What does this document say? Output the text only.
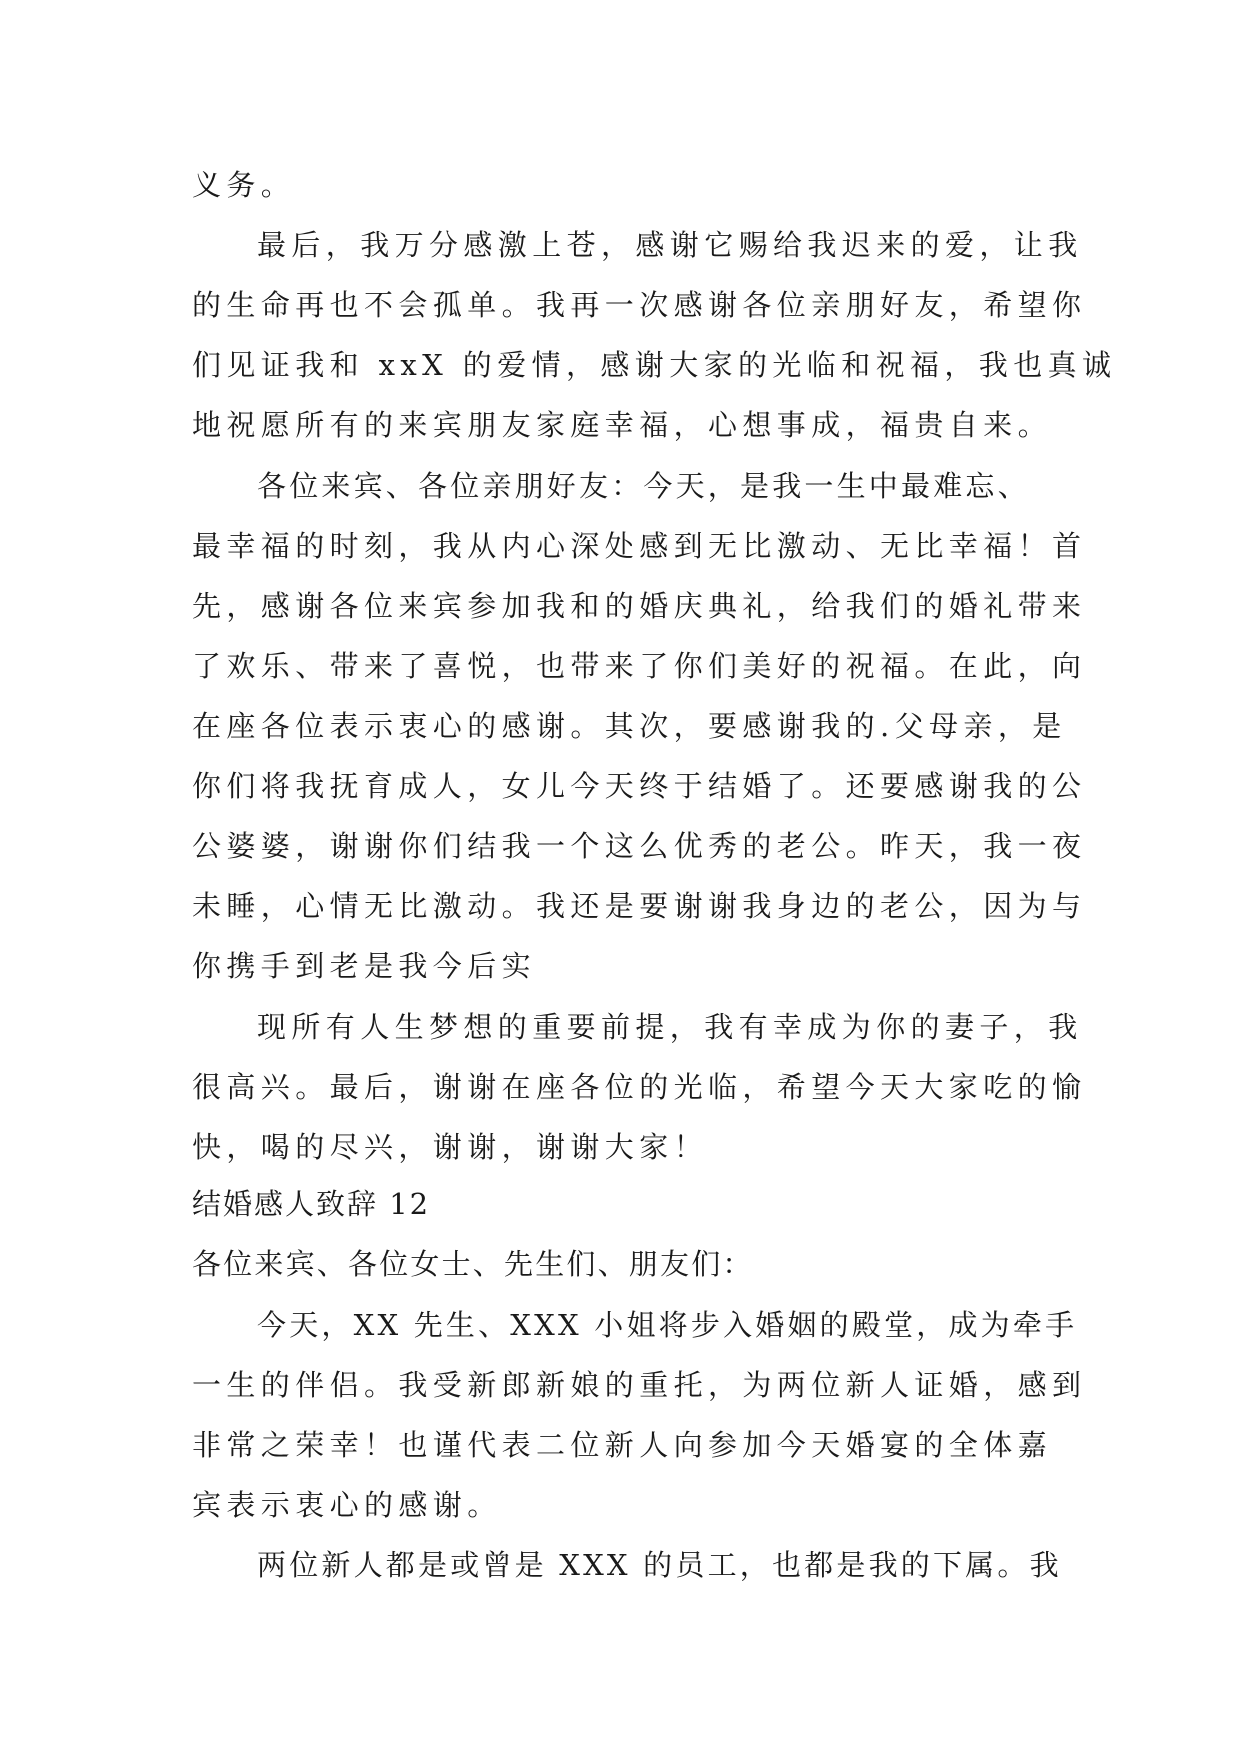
义务。
最后，我万分感激上苍，感谢它赐给我迟来的爱，让我
的生命再也不会孤单。我再一次感谢各位亲朋好友，希望你
们见证我和 xxX 的爱情，感谢大家的光临和祝福，我也真诚
地祝愿所有的来宾朋友家庭幸福，心想事成，福贵自来。
各位来宾、各位亲朋好友：今天，是我一生中最难忘、
最幸福的时刻，我从内心深处感到无比激动、无比幸福！首
先，感谢各位来宾参加我和的婚庆典礼，给我们的婚礼带来
了欢乐、带来了喜悦，也带来了你们美好的祝福。在此，向
在座各位表示衷心的感谢。其次，要感谢我的.父母亲，是
你们将我抚育成人，女儿今天终于结婚了。还要感谢我的公
公婆婆，谢谢你们结我一个这么优秀的老公。昨天，我一夜
未睡，心情无比激动。我还是要谢谢我身边的老公，因为与
你携手到老是我今后实
现所有人生梦想的重要前提，我有幸成为你的妻子，我
很高兴。最后，谢谢在座各位的光临，希望今天大家吃的愉
快，喝的尽兴，谢谢，谢谢大家！
结婚感人致辞 12
各位来宾、各位女士、先生们、朋友们：
今天，XX 先生、XXX 小姐将步入婚姻的殿堂，成为牵手
一生的伴侣。我受新郎新娘的重托，为两位新人证婚，感到
非常之荣幸！也谨代表二位新人向参加今天婚宴的全体嘉
宾表示衷心的感谢。
两位新人都是或曾是 XXX 的员工，也都是我的下属。我
